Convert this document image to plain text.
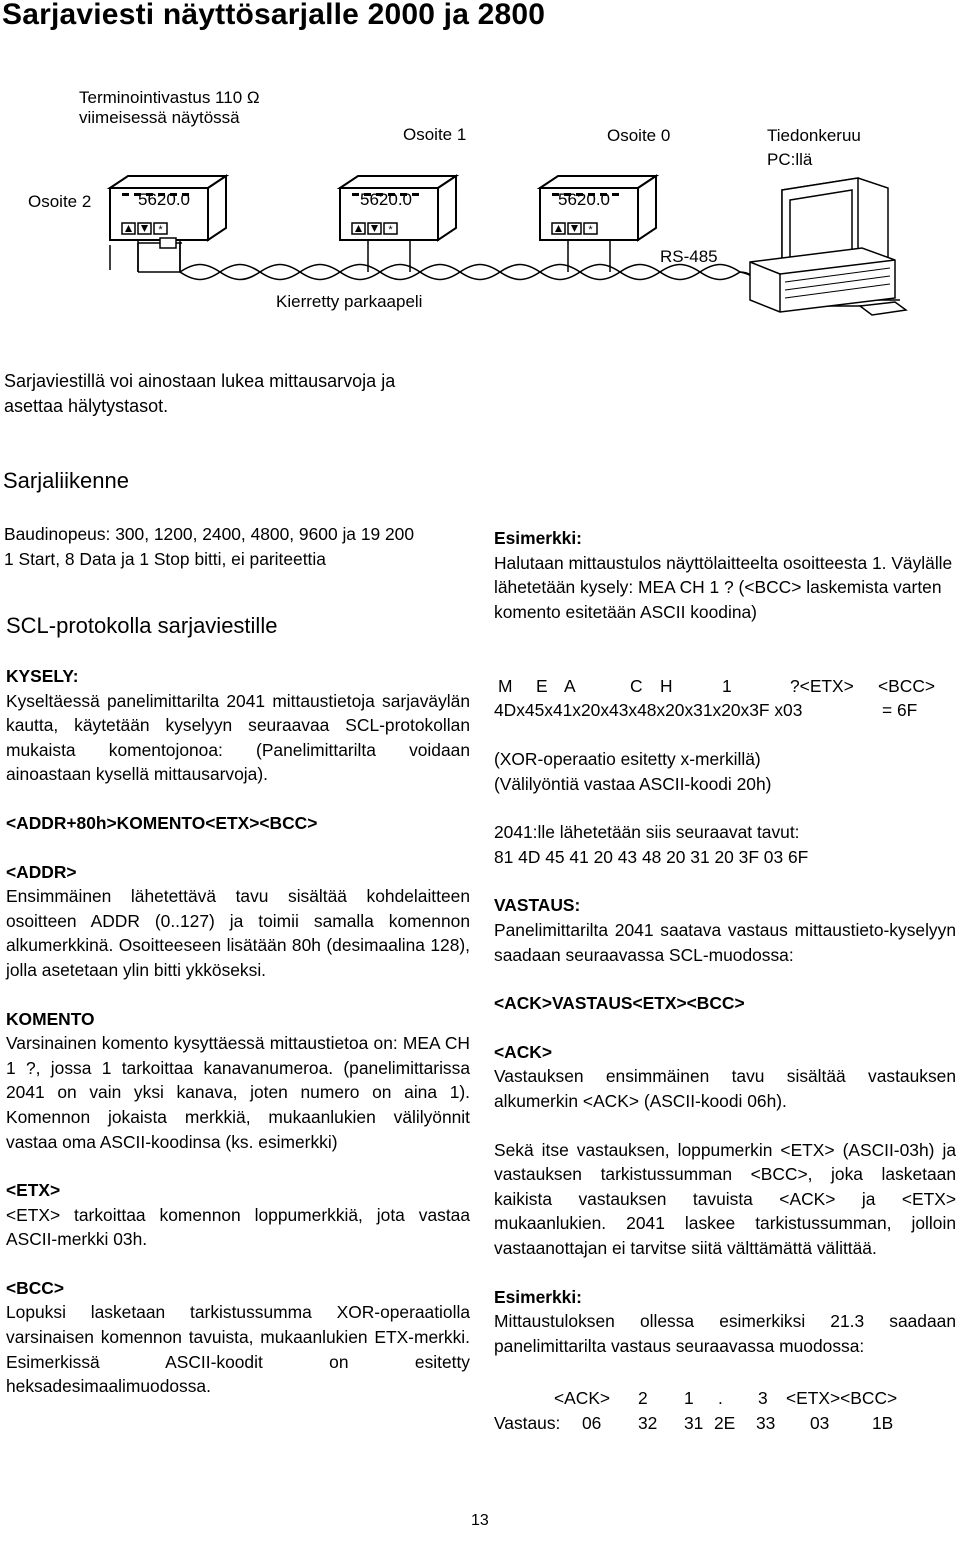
Sarjaviesti näyttösarjalle 2000 ja 2800
*
Terminointivastus 110 Ω
viimeisessä näytössä
Osoite 2
Osoite 1	Osoite 0	Tiedonkeruu
PC:llä
5620.0	5620.0	5620.0
RS-485
Kierretty parkaapeli
Sarjaviestillä voi ainostaan lukea mittausarvoja ja
asettaa hälytystasot.
Sarjaliikenne
Baudinopeus: 300, 1200, 2400, 4800, 9600 ja 19 200
1 Start, 8 Data ja 1 Stop bitti, ei pariteettia
SCL-protokolla sarjaviestille

KYSELY:

Kyseltäessä panelimittarilta 2041 mittaustietoja sarjaväylän kautta, käytetään kyselyyn seuraavaa SCL-protokollan mukaista komentojonoa: (Panelimittarilta voidaan ainoastaan kysellä mittausarvoja).

<ADDR+80h>KOMENTO<ETX><BCC>

<ADDR>

Ensimmäinen lähetettävä tavu sisältää kohdelaitteen osoitteen ADDR (0..127) ja toimii samalla komennon alkumerkkinä. Osoitteeseen lisätään 80h (desimaalina 128), jolla asetetaan ylin bitti ykköseksi.

KOMENTO

Varsinainen komento kysyttäessä mittaustietoa on: MEA CH 1 ?, jossa 1 tarkoittaa kanavanumeroa. (panelimittarissa 2041 on vain yksi kanava, joten numero on aina 1). Komennon jokaista merkkiä, mukaanlukien välilyönnit vastaa oma ASCII-koodinsa (ks. esimerkki)

<ETX>

<ETX> tarkoittaa komennon loppumerkkiä, jota vastaa ASCII-merkki 03h.

<BCC>

Lopuksi lasketaan tarkistussumma XOR-operaatiolla varsinaisen komennon tavuista, mukaanlukien ETX-merkki. Esimerkissä ASCII-koodit on esitetty heksadesimaalimuodossa.

Esimerkki:

Halutaan mittaustulos näyttölaitteelta osoitteesta 1. Väylälle lähetetään kysely: MEA CH 1 ? (<BCC> laskemista varten komento esitetään ASCII koodina)

M E A	C H	1	?<ETX> <BCC>
4Dx45x41x20x43x48x20x31x20x3F x03	= 6F

(XOR-operaatio esitetty x-merkillä)

(Välilyöntiä vastaa ASCII-koodi 20h)

2041:lle lähetetään siis seuraavat tavut:

81 4D 45 41 20 43 48 20 31 20 3F 03 6F

VASTAUS:

Panelimittarilta 2041 saatava vastaus mittaustieto-kyselyyn saadaan seuraavassa SCL-muodossa:

<ACK>VASTAUS<ETX><BCC>

<ACK>

Vastauksen ensimmäinen tavu sisältää vastauksen alkumerkin <ACK> (ASCII-koodi 06h).

Sekä itse vastauksen, loppumerkin <ETX> (ASCII-03h) ja vastauksen tarkistussumman <BCC>, joka lasketaan kaikista vastauksen tavuista <ACK> ja <ETX> mukaanlukien. 2041 laskee tarkistussumman, jolloin vastaanottajan ei tarvitse siitä välttämättä välittää.

Esimerkki:

Mittaustuloksen ollessa esimerkiksi 21.3 saadaan panelimittarilta vastaus seuraavassa muodossa:

<ACK> 2 1 . 3 <ETX><BCC>
Vastaus: 06 32 31 2E 33 03 1B
13
